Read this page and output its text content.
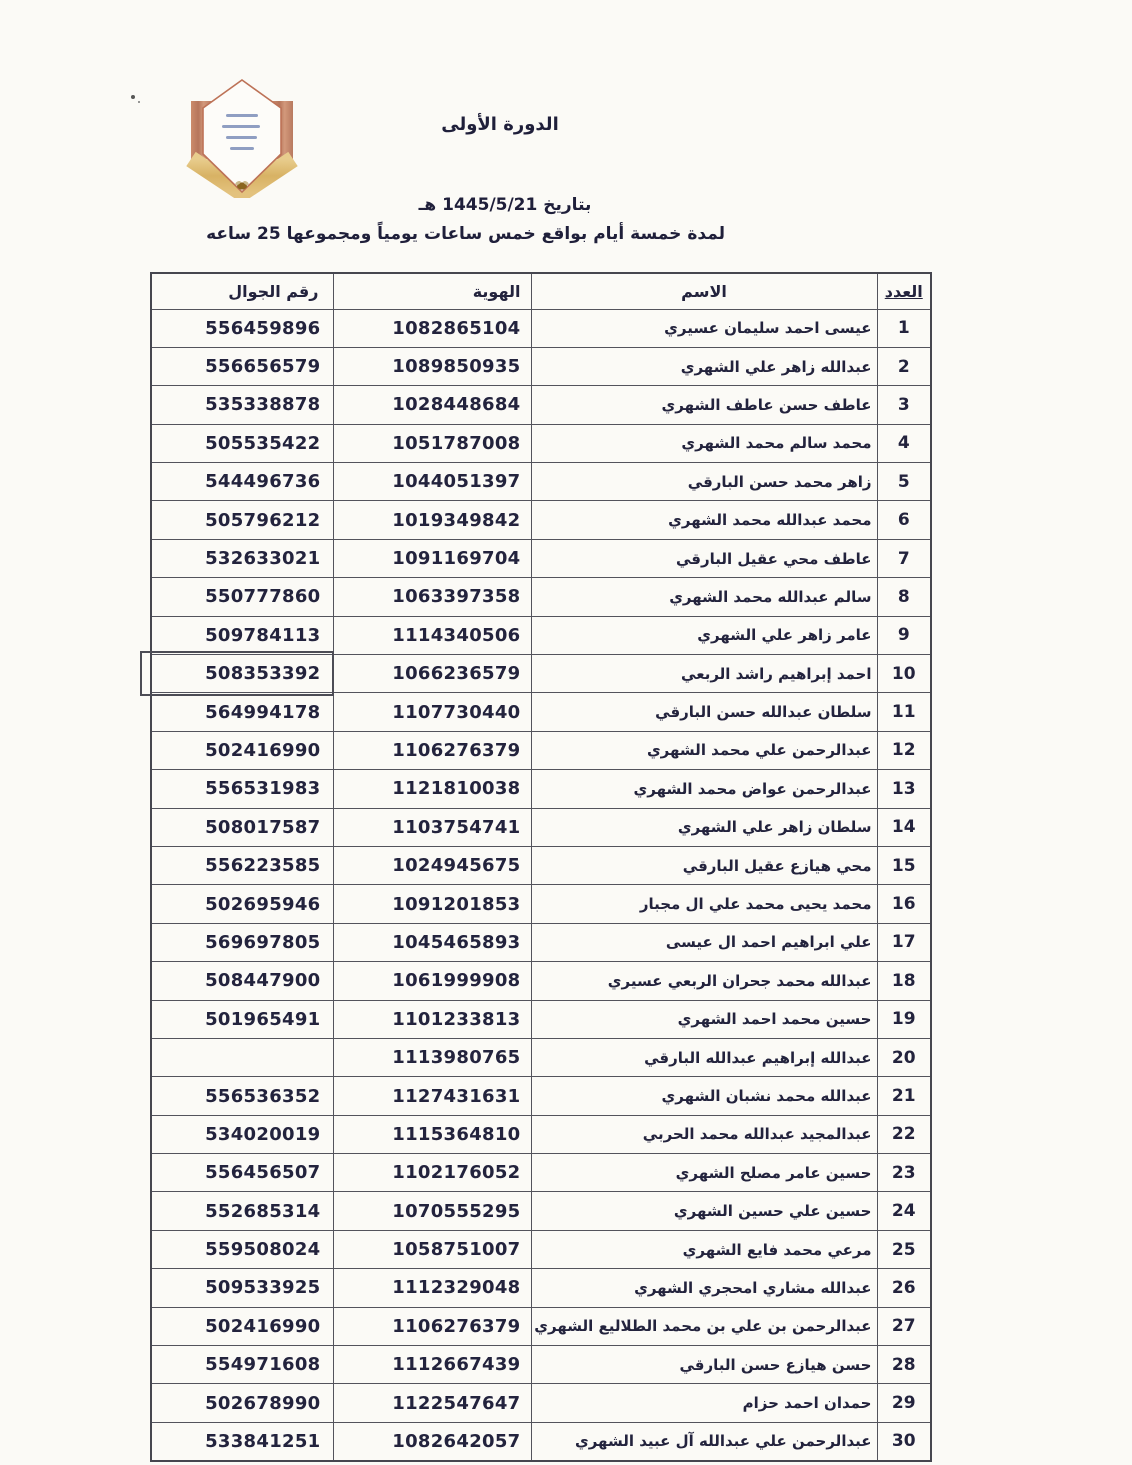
الدورة الأولى
بتاريخ 1445/5/21 هـ
لمدة خمسة أيام بواقع خمس ساعات يومياً ومجموعها 25 ساعه
العدد	الاسم	الهوية	رقم الجوال
1	عيسى احمد سليمان عسيري	1082865104	556459896
2	عبدالله زاهر علي الشهري	1089850935	556656579
3	عاطف حسن عاطف الشهري	1028448684	535338878
4	محمد سالم محمد الشهري	1051787008	505535422
5	زاهر محمد حسن البارقي	1044051397	544496736
6	محمد عبدالله محمد الشهري	1019349842	505796212
7	عاطف محي عقيل البارقي	1091169704	532633021
8	سالم عبدالله محمد الشهري	1063397358	550777860
9	عامر زاهر علي الشهري	1114340506	509784113
10	احمد إبراهيم راشد الربعي	1066236579	508353392
11	سلطان عبدالله حسن البارقي	1107730440	564994178
12	عبدالرحمن علي محمد الشهري	1106276379	502416990
13	عبدالرحمن عواض محمد الشهري	1121810038	556531983
14	سلطان زاهر علي الشهري	1103754741	508017587
15	محي هيازع عقيل البارقي	1024945675	556223585
16	محمد يحيى محمد علي ال مجبار	1091201853	502695946
17	علي ابراهيم احمد ال عيسى	1045465893	569697805
18	عبدالله محمد جحران الربعي عسيري	1061999908	508447900
19	حسين محمد احمد الشهري	1101233813	501965491
20	عبدالله إبراهيم عبدالله البارقي	1113980765	
21	عبدالله محمد نشبان الشهري	1127431631	556536352
22	عبدالمجيد عبدالله محمد الحربي	1115364810	534020019
23	حسين عامر مصلح الشهري	1102176052	556456507
24	حسين علي حسين الشهري	1070555295	552685314
25	مرعي محمد فايع الشهري	1058751007	559508024
26	عبدالله مشاري امحجري الشهري	1112329048	509533925
27	عبدالرحمن بن علي بن محمد الطلاليع الشهري	1106276379	502416990
28	حسن هيازع حسن البارقي	1112667439	554971608
29	حمدان احمد حزام	1122547647	502678990
30	عبدالرحمن علي عبدالله آل عبيد الشهري	1082642057	533841251
